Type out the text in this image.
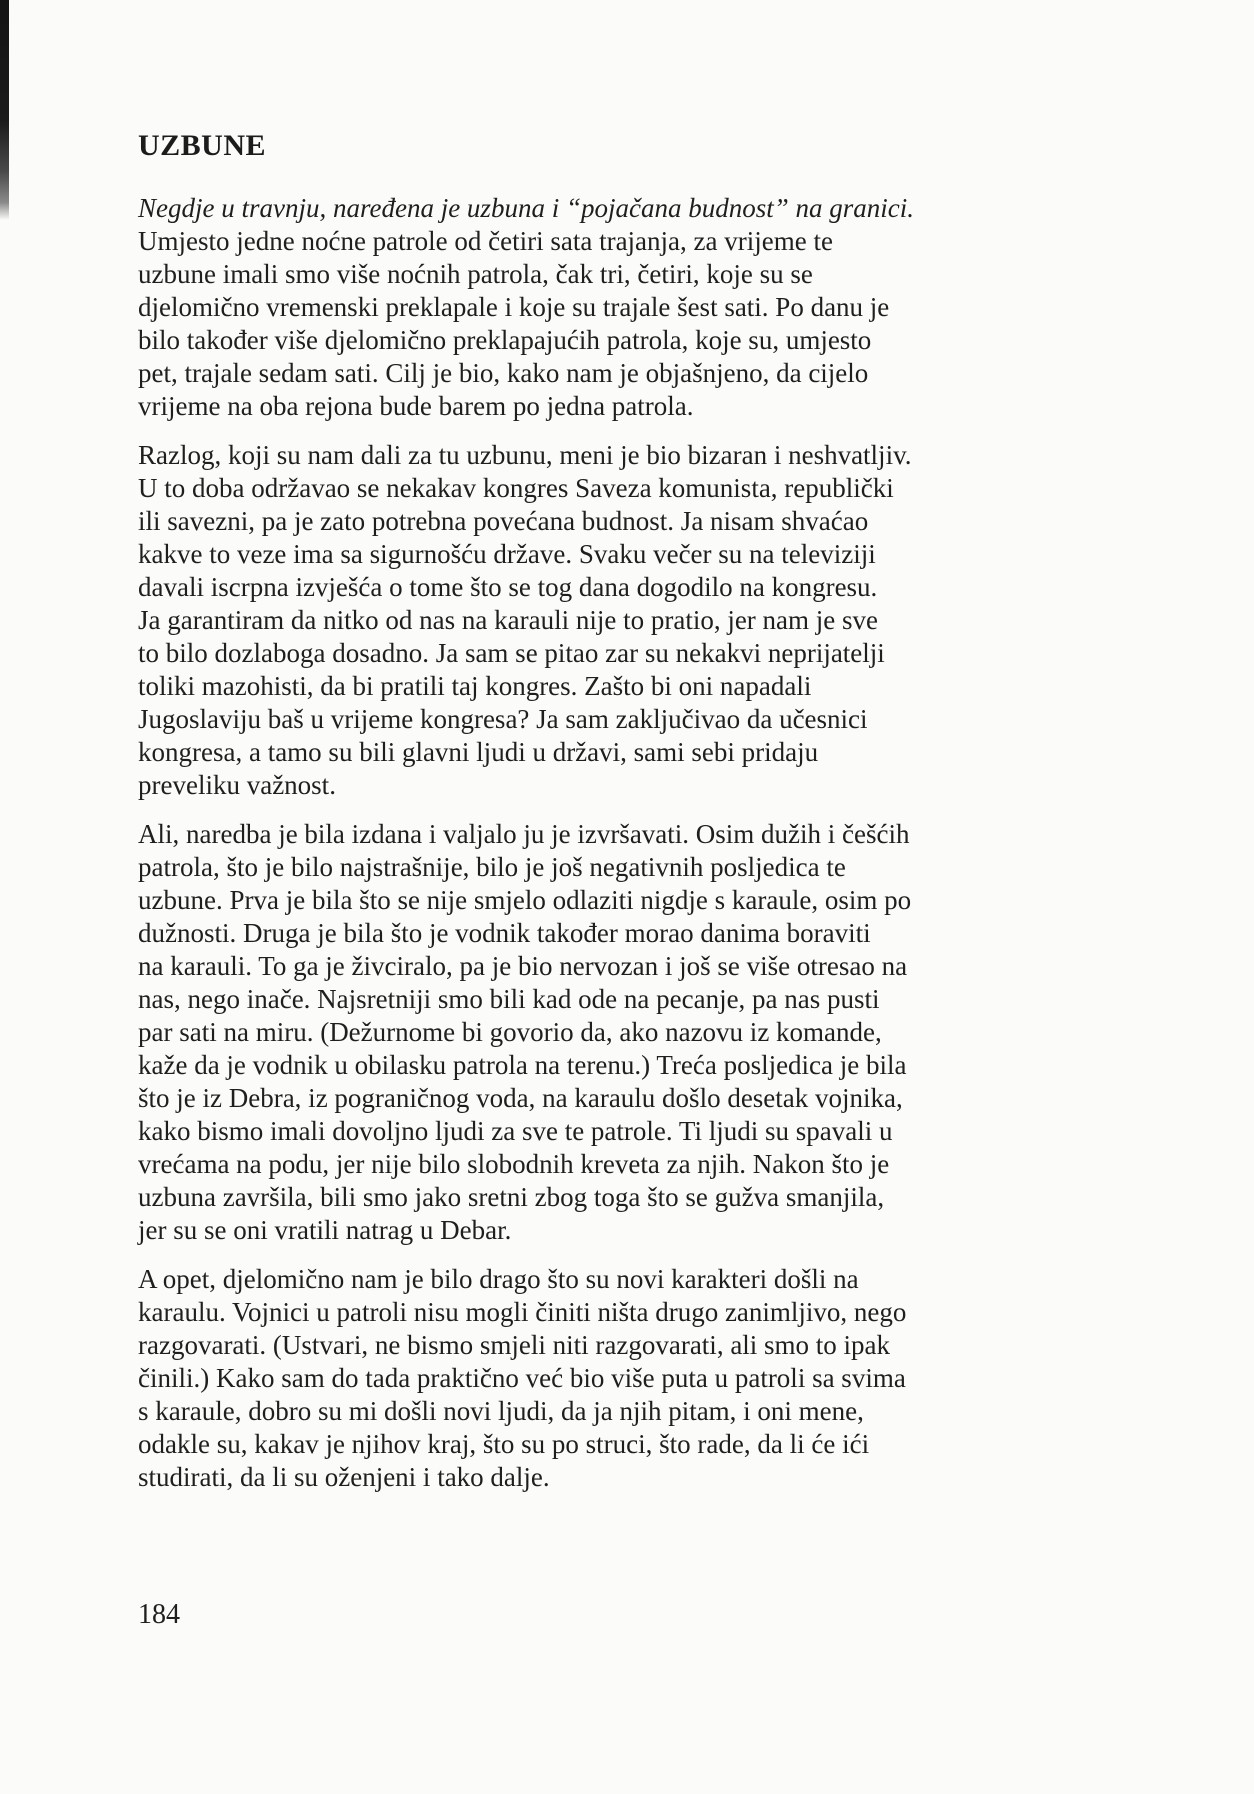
UZBUNE
Negdje u travnju, naređena je uzbuna i “pojačana budnost” na granici.
Umjesto jedne noćne patrole od četiri sata trajanja, za vrijeme te
uzbune imali smo više noćnih patrola, čak tri, četiri, koje su se
djelomično vremenski preklapale i koje su trajale šest sati. Po danu je
bilo također više djelomično preklapajućih patrola, koje su, umjesto
pet, trajale sedam sati. Cilj je bio, kako nam je objašnjeno, da cijelo
vrijeme na oba rejona bude barem po jedna patrola.
Razlog, koji su nam dali za tu uzbunu, meni je bio bizaran i neshvatljiv.
U to doba održavao se nekakav kongres Saveza komunista, republički
ili savezni, pa je zato potrebna povećana budnost. Ja nisam shvaćao
kakve to veze ima sa sigurnošću države. Svaku večer su na televiziji
davali iscrpna izvješća o tome što se tog dana dogodilo na kongresu.
Ja garantiram da nitko od nas na karauli nije to pratio, jer nam je sve
to bilo dozlaboga dosadno. Ja sam se pitao zar su nekakvi neprijatelji
toliki mazohisti, da bi pratili taj kongres. Zašto bi oni napadali
Jugoslaviju baš u vrijeme kongresa? Ja sam zaključivao da učesnici
kongresa, a tamo su bili glavni ljudi u državi, sami sebi pridaju
preveliku važnost.
Ali, naredba je bila izdana i valjalo ju je izvršavati. Osim dužih i češćih
patrola, što je bilo najstrašnije, bilo je još negativnih posljedica te
uzbune. Prva je bila što se nije smjelo odlaziti nigdje s karaule, osim po
dužnosti. Druga je bila što je vodnik također morao danima boraviti
na karauli. To ga je živciralo, pa je bio nervozan i još se više otresao na
nas, nego inače. Najsretniji smo bili kad ode na pecanje, pa nas pusti
par sati na miru. (Dežurnome bi govorio da, ako nazovu iz komande,
kaže da je vodnik u obilasku patrola na terenu.) Treća posljedica je bila
što je iz Debra, iz pograničnog voda, na karaulu došlo desetak vojnika,
kako bismo imali dovoljno ljudi za sve te patrole. Ti ljudi su spavali u
vrećama na podu, jer nije bilo slobodnih kreveta za njih. Nakon što je
uzbuna završila, bili smo jako sretni zbog toga što se gužva smanjila,
jer su se oni vratili natrag u Debar.
A opet, djelomično nam je bilo drago što su novi karakteri došli na
karaulu. Vojnici u patroli nisu mogli činiti ništa drugo zanimljivo, nego
razgovarati. (Ustvari, ne bismo smjeli niti razgovarati, ali smo to ipak
činili.) Kako sam do tada praktično već bio više puta u patroli sa svima
s karaule, dobro su mi došli novi ljudi, da ja njih pitam, i oni mene,
odakle su, kakav je njihov kraj, što su po struci, što rade, da li će ići
studirati, da li su oženjeni i tako dalje.
184
